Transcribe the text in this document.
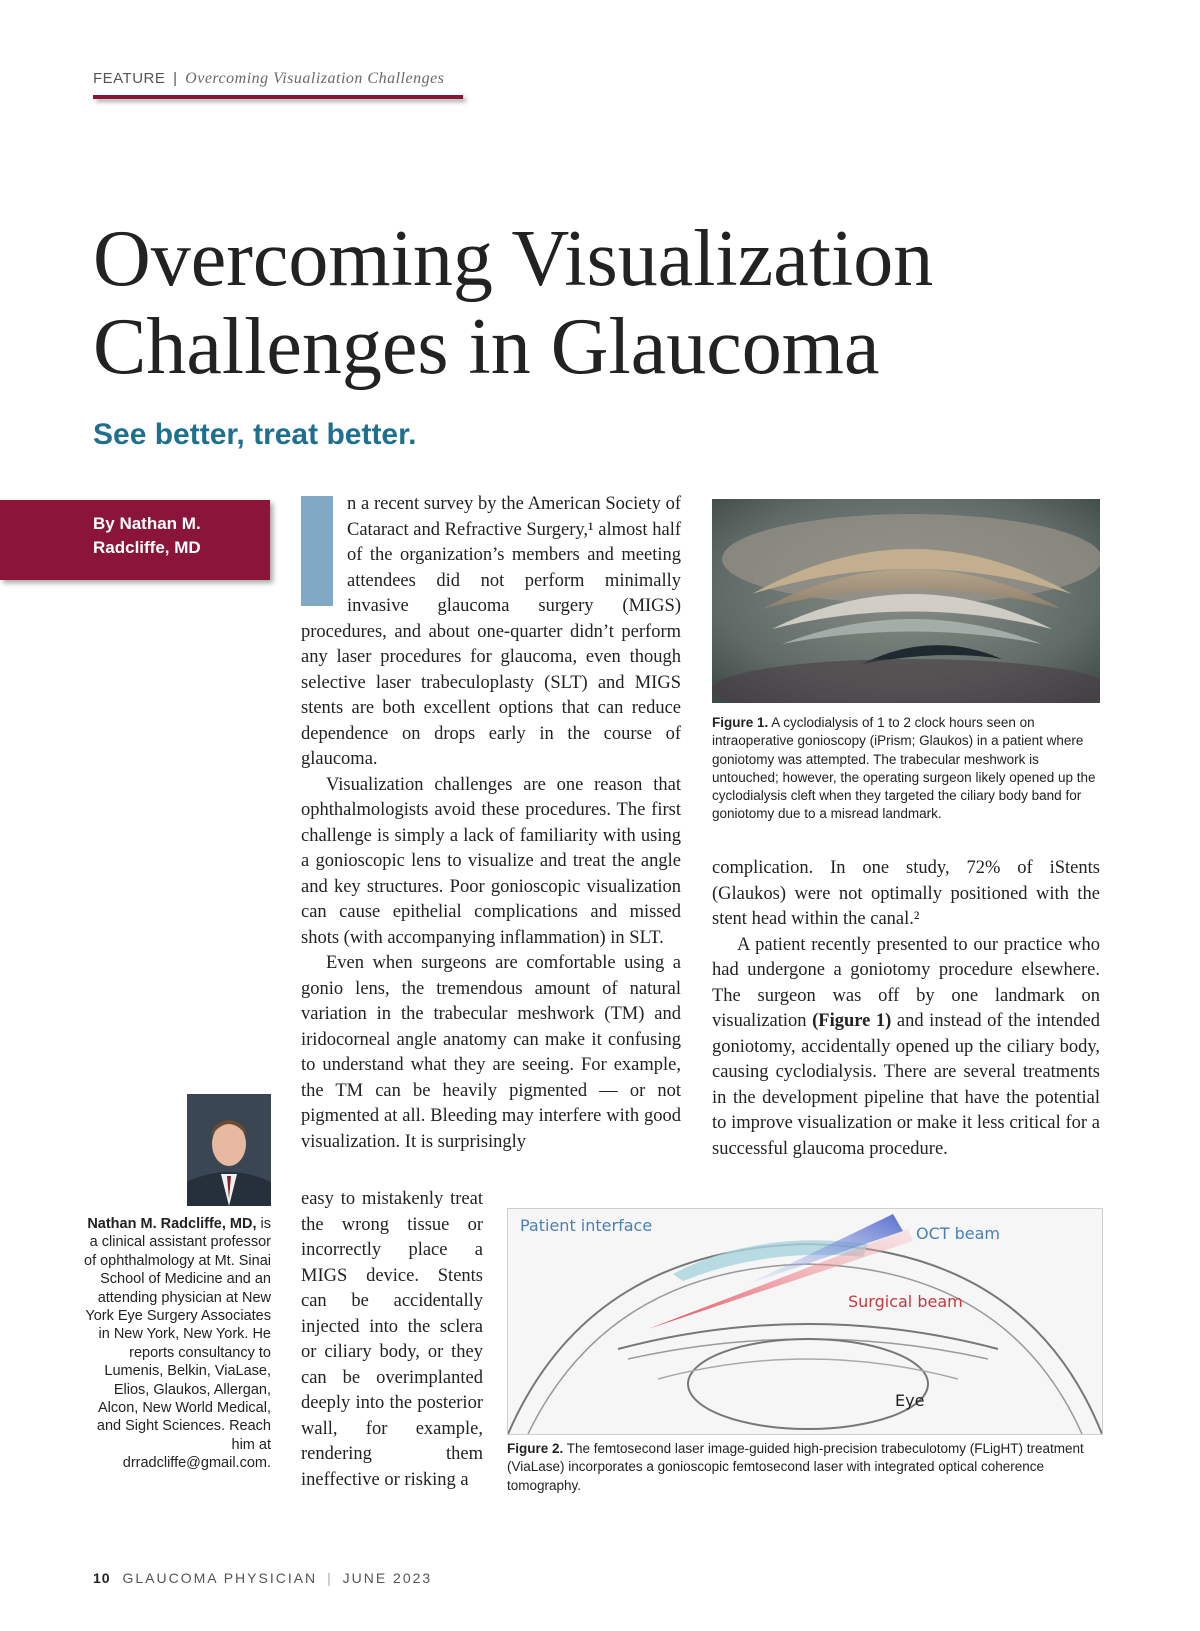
FEATURE | Overcoming Visualization Challenges
Overcoming Visualization
Challenges in Glaucoma
See better, treat better.
By Nathan M. Radcliffe, MD

n a recent survey by the American Society of Cataract and Refractive Surgery,¹ almost half of the organization’s members and meeting attendees did not perform minimally invasive glaucoma surgery (MIGS) procedures, and about one-quarter didn’t perform any laser procedures for glaucoma, even though selective laser trabeculoplasty (SLT) and MIGS stents are both excellent options that can reduce dependence on drops early in the course of glaucoma.

Visualization challenges are one reason that ophthalmologists avoid these procedures. The first challenge is simply a lack of familiarity with using a gonioscopic lens to visualize and treat the angle and key structures. Poor gonioscopic visualization can cause epithelial complications and missed shots (with accompanying inflammation) in SLT.

Even when surgeons are comfortable using a gonio lens, the tremendous amount of natural variation in the trabecular meshwork (TM) and iridocorneal angle anatomy can make it confusing to understand what they are seeing. For example, the TM can be heavily pigmented — or not pigmented at all. Bleeding may interfere with good visualization. It is surprisingly

easy to mistakenly treat the wrong tissue or incorrectly place a MIGS device. Stents can be accidentally injected into the sclera or ciliary body, or they can be overimplanted deeply into the posterior wall, for example, rendering them ineffective or risking a

Figure 1. A cyclodialysis of 1 to 2 clock hours seen on intraoperative gonioscopy (iPrism; Glaukos) in a patient where goniotomy was attempted. The trabecular meshwork is untouched; however, the operating surgeon likely opened up the cyclodialysis cleft when they targeted the ciliary body band for goniotomy due to a misread landmark.

complication. In one study, 72% of iStents (Glaukos) were not optimally positioned with the stent head within the canal.²

A patient recently presented to our practice who had undergone a goniotomy procedure elsewhere. The surgeon was off by one landmark on visualization (Figure 1) and instead of the intended goniotomy, accidentally opened up the ciliary body, causing cyclodialysis. There are several treatments in the development pipeline that have the potential to improve visualization or make it less critical for a successful glaucoma procedure.

Patient interface	OCT beam
Surgical beam
Eye
Figure 2. The femtosecond laser image-guided high-precision trabeculotomy (FLigHT) treatment (ViaLase) incorporates a gonioscopic femtosecond laser with integrated optical coherence tomography.
Nathan M. Radcliffe, MD, is a clinical assistant professor of ophthalmology at Mt. Sinai School of Medicine and an attending physician at New York Eye Surgery Associates in New York, New York. He reports consultancy to Lumenis, Belkin, ViaLase, Elios, Glaukos, Allergan, Alcon, New World Medical, and Sight Sciences. Reach him at drradcliffe@gmail.com.
10 GLAUCOMA PHYSICIAN | JUNE 2023
